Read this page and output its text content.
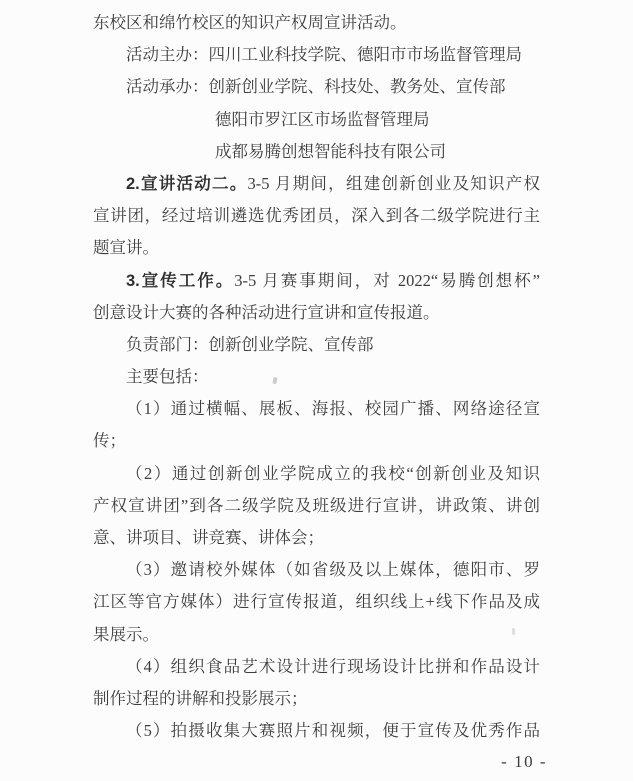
东校区和绵竹校区的知识产权周宣讲活动。
活动主办：四川工业科技学院、德阳市市场监督管理局
活动承办：创新创业学院、科技处、教务处、宣传部
德阳市罗江区市场监督管理局
成都易腾创想智能科技有限公司
2.宣讲活动二。3-5 月期间，组建创新创业及知识产权
宣讲团，经过培训遴选优秀团员，深入到各二级学院进行主
题宣讲。
3.宣传工作。3-5 月赛事期间，对 2022“易腾创想杯”
创意设计大赛的各种活动进行宣讲和宣传报道。
负责部门：创新创业学院、宣传部
主要包括：
（1）通过横幅、展板、海报、校园广播、网络途径宣
传；
（2）通过创新创业学院成立的我校“创新创业及知识
产权宣讲团”到各二级学院及班级进行宣讲，讲政策、讲创
意、讲项目、讲竞赛、讲体会；
（3）邀请校外媒体（如省级及以上媒体，德阳市、罗
江区等官方媒体）进行宣传报道，组织线上+线下作品及成
果展示。
（4）组织食品艺术设计进行现场设计比拼和作品设计
制作过程的讲解和投影展示；
（5）拍摄收集大赛照片和视频，便于宣传及优秀作品
- 10 -
